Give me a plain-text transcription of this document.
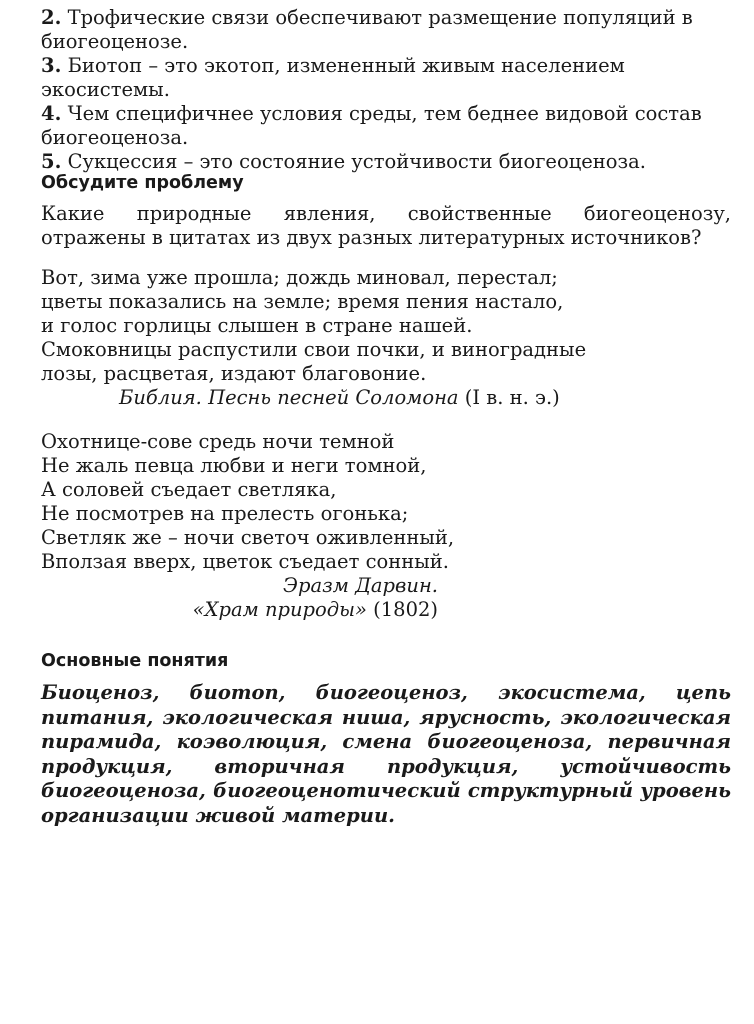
2. Трофические связи обеспечивают размещение популяций в биогеоценозе.
3. Биотоп – это экотоп, измененный живым населением экосистемы.
4. Чем специфичнее условия среды, тем беднее видовой состав биогеоценоза.
5. Сукцессия – это состояние устойчивости биогеоценоза.
Обсудите проблему
Какие природные явления, свойственные биогеоценозу, отражены в цитатах из двух разных литературных источников?
Вот, зима уже прошла; дождь миновал, перестал;
цветы показались на земле; время пения настало,
и голос горлицы слышен в стране нашей.
Смоковницы распустили свои почки, и виноградные
лозы, расцветая, издают благовоние.
Библия. Песнь песней Соломона (I в. н. э.)
Охотнице-сове средь ночи темной
Не жаль певца любви и неги томной,
А соловей съедает светляка,
Не посмотрев на прелесть огонька;
Светляк же – ночи светоч оживленный,
Вползая вверх, цветок съедает сонный.
Эразм Дарвин.
«Храм природы» (1802)
Основные понятия
Биоценоз, биотоп, биогеоценоз, экосистема, цепь питания, экологическая ниша, ярусность, экологическая пирамида, коэволюция, смена биогеоценоза, первичная продукция, вторичная продукция, устойчивость биогеоценоза, биогеоценотический структурный уровень организации живой материи.
